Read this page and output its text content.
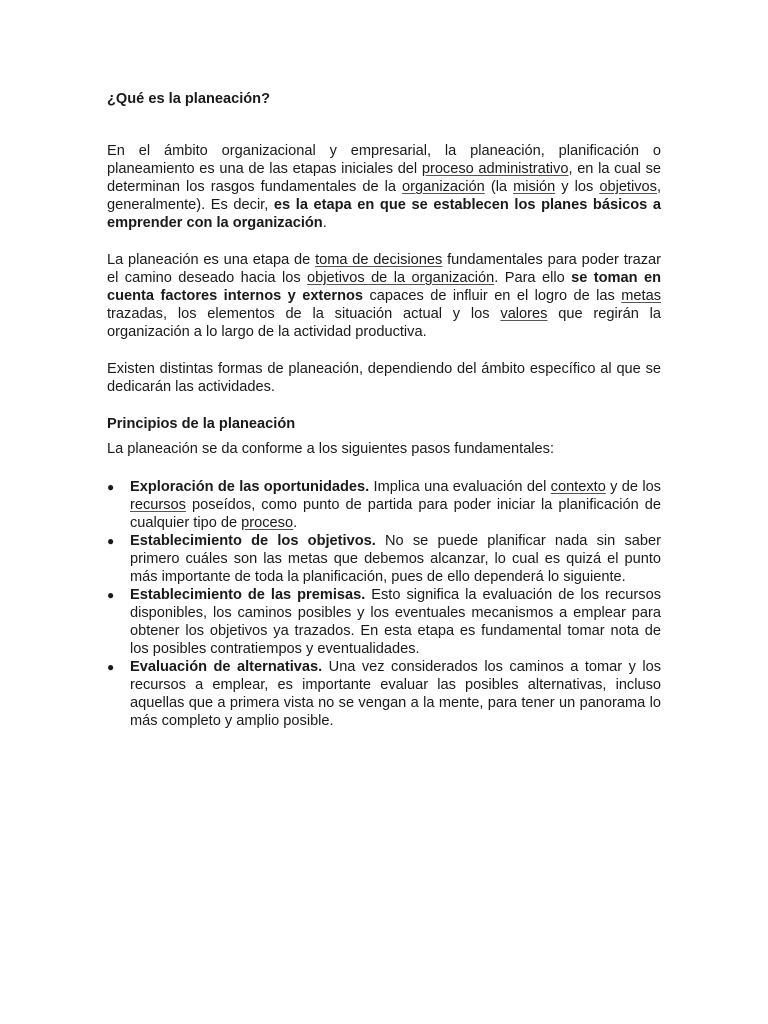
¿Qué es la planeación?

En el ámbito organizacional y empresarial, la planeación, planificación o planeamiento es una de las etapas iniciales del proceso administrativo, en la cual se determinan los rasgos fundamentales de la organización (la misión y los objetivos, generalmente). Es decir, es la etapa en que se establecen los planes básicos a emprender con la organización.

La planeación es una etapa de toma de decisiones fundamentales para poder trazar el camino deseado hacia los objetivos de la organización. Para ello se toman en cuenta factores internos y externos capaces de influir en el logro de las metas trazadas, los elementos de la situación actual y los valores que regirán la organización a lo largo de la actividad productiva.

Existen distintas formas de planeación, dependiendo del ámbito específico al que se dedicarán las actividades.

Principios de la planeación

La planeación se da conforme a los siguientes pasos fundamentales:

● Exploración de las oportunidades. Implica una evaluación del contexto y de los recursos poseídos, como punto de partida para poder iniciar la planificación de cualquier tipo de proceso.
● Establecimiento de los objetivos. No se puede planificar nada sin saber primero cuáles son las metas que debemos alcanzar, lo cual es quizá el punto más importante de toda la planificación, pues de ello dependerá lo siguiente.
● Establecimiento de las premisas. Esto significa la evaluación de los recursos disponibles, los caminos posibles y los eventuales mecanismos a emplear para obtener los objetivos ya trazados. En esta etapa es fundamental tomar nota de los posibles contratiempos y eventualidades.
● Evaluación de alternativas. Una vez considerados los caminos a tomar y los recursos a emplear, es importante evaluar las posibles alternativas, incluso aquellas que a primera vista no se vengan a la mente, para tener un panorama lo más completo y amplio posible.
